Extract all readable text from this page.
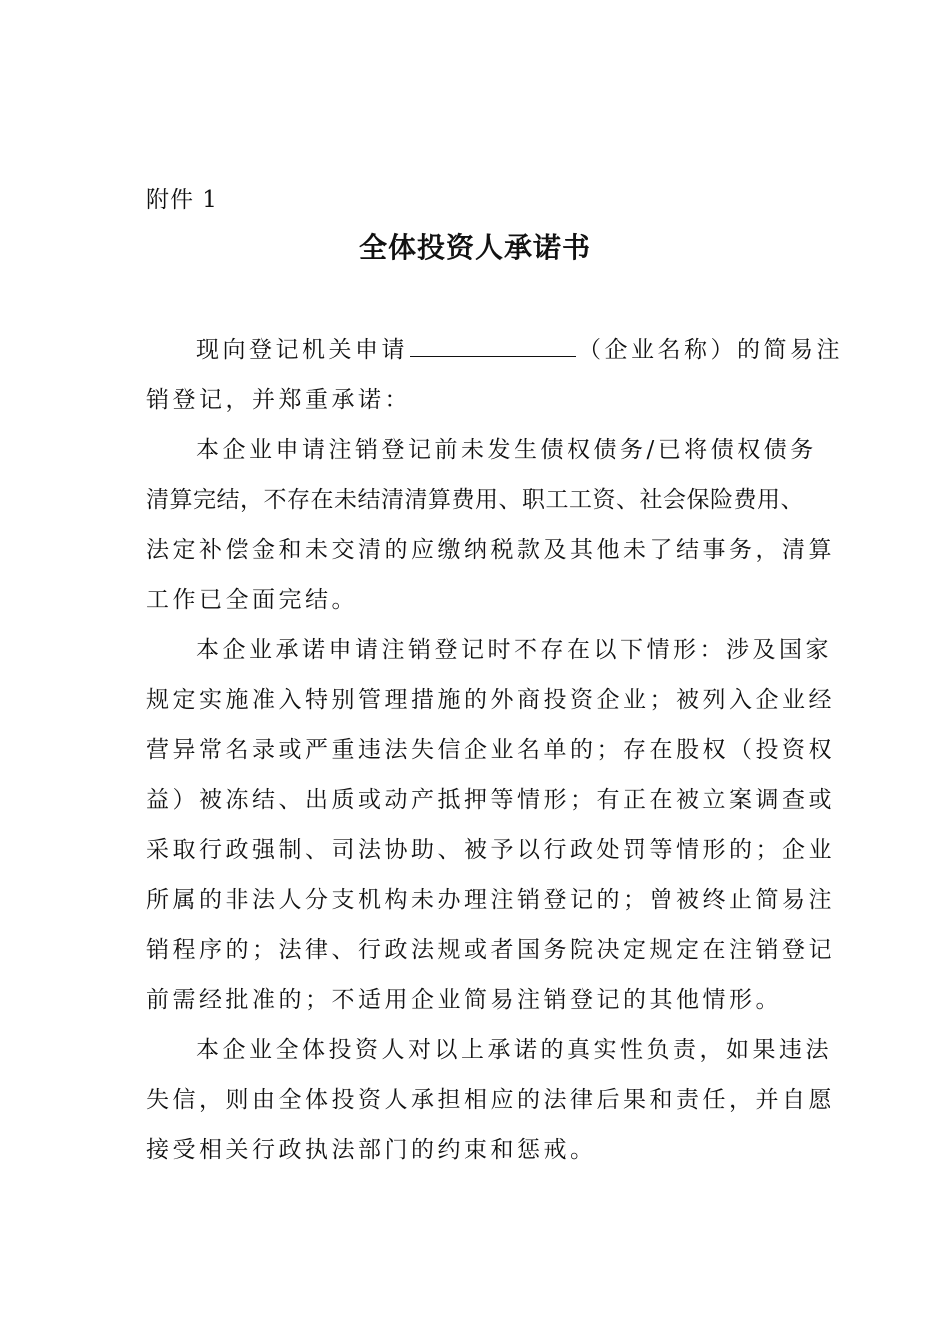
附件 1
全体投资人承诺书
现向登记机关申请	（企业名称）的简易注
销登记，并郑重承诺：
本企业申请注销登记前未发生债权债务/已将债权债务
清算完结，不存在未结清清算费用、职工工资、社会保险费用、
法定补偿金和未交清的应缴纳税款及其他未了结事务，清算
工作已全面完结。
本企业承诺申请注销登记时不存在以下情形：涉及国家
规定实施准入特别管理措施的外商投资企业；被列入企业经
营异常名录或严重违法失信企业名单的；存在股权（投资权
益）被冻结、出质或动产抵押等情形；有正在被立案调查或
采取行政强制、司法协助、被予以行政处罚等情形的；企业
所属的非法人分支机构未办理注销登记的；曾被终止简易注
销程序的；法律、行政法规或者国务院决定规定在注销登记
前需经批准的；不适用企业简易注销登记的其他情形。
本企业全体投资人对以上承诺的真实性负责，如果违法
失信，则由全体投资人承担相应的法律后果和责任，并自愿
接受相关行政执法部门的约束和惩戒。
